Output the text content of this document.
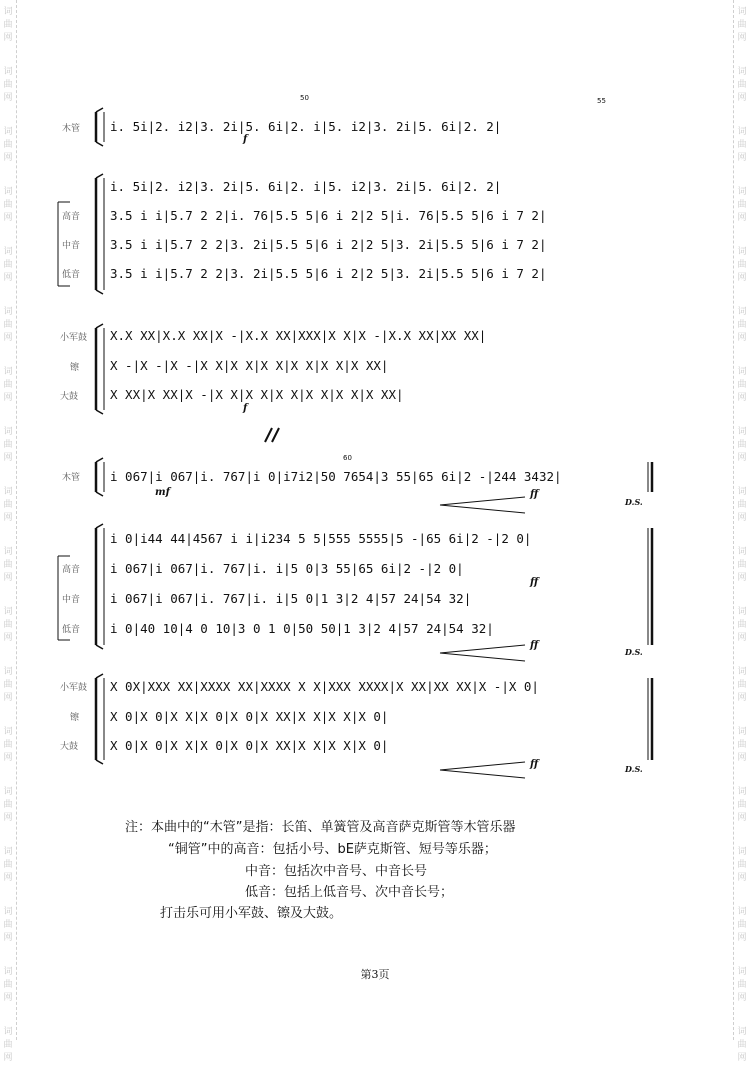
词
曲
网
词
曲
网
词
曲
网
词
曲
网
词
曲
网
词
曲
网
词
曲
网
词
曲
网
词
曲
网
词
曲
网
词
曲
网
词
曲
网
词
曲
网
词
曲
网
词
曲
网
词
曲
网
词
曲
网
词
曲
网
词
曲
网
词
曲
网
词
曲
网
词
曲
网
词
曲
网
词
曲
网
词
曲
网
词
曲
网
词
曲
网
词
曲
网
词
曲
网
词
曲
网
词
曲
网
词
曲
网
词
曲
网
词
曲
网
词
曲
网
词
曲
网
50	55
木管
高音
中音
低音
小军鼓
镲
大鼓
i. 5i|2. i2|3. 2i|5. 6i|2. i|5. i2|3. 2i|5. 6i|2. 2|
i. 5i|2. i2|3. 2i|5. 6i|2. i|5. i2|3. 2i|5. 6i|2. 2|
3.5 i i|5.7 2 2|i. 76|5.5 5|6 i 2|2 5|i. 76|5.5 5|6 i 7 2|
3.5 i i|5.7 2 2|3. 2i|5.5 5|6 i 2|2 5|3. 2i|5.5 5|6 i 7 2|
3.5 i i|5.7 2 2|3. 2i|5.5 5|6 i 2|2 5|3. 2i|5.5 5|6 i 7 2|
X.X XX|X.X XX|X -|X.X XX|XXX|X X|X -|X.X XX|XX XX|
X -|X -|X -|X X|X X|X X|X X|X X|X XX|
X XX|X XX|X -|X X|X X|X X|X X|X X|X XX|
f
f
60
木管
高音
中音
低音
小军鼓
镲
大鼓
i 067|i 067|i. 767|i 0|i7i2|50 7654|3 55|65 6i|2 -|244 3432|
i 0|i44 44|4567 i i|i234 5 5|555 5555|5 -|65 6i|2 -|2 0|
i 067|i 067|i. 767|i. i|5 0|3 55|65 6i|2 -|2 0|
i 067|i 067|i. 767|i. i|5 0|1 3|2 4|57 24|54 32|
i 0|40 10|4 0 10|3 0 1 0|50 50|1 3|2 4|57 24|54 32|
X 0X|XXX XX|XXXX XX|XXXX X X|XXX XXXX|X XX|XX XX|X -|X 0|
X 0|X 0|X X|X 0|X 0|X XX|X X|X X|X 0|
X 0|X 0|X X|X 0|X 0|X XX|X X|X X|X 0|
mf	ff
ff
ff
ff
D.S.
D.S.
D.S.
注：本曲中的“木管”是指：长笛、单簧管及高音萨克斯管等木管乐器
“铜管”中的高音：包括小号、bE萨克斯管、短号等乐器；
中音：包括次中音号、中音长号
低音：包括上低音号、次中音长号；
打击乐可用小军鼓、镲及大鼓。
第3页
